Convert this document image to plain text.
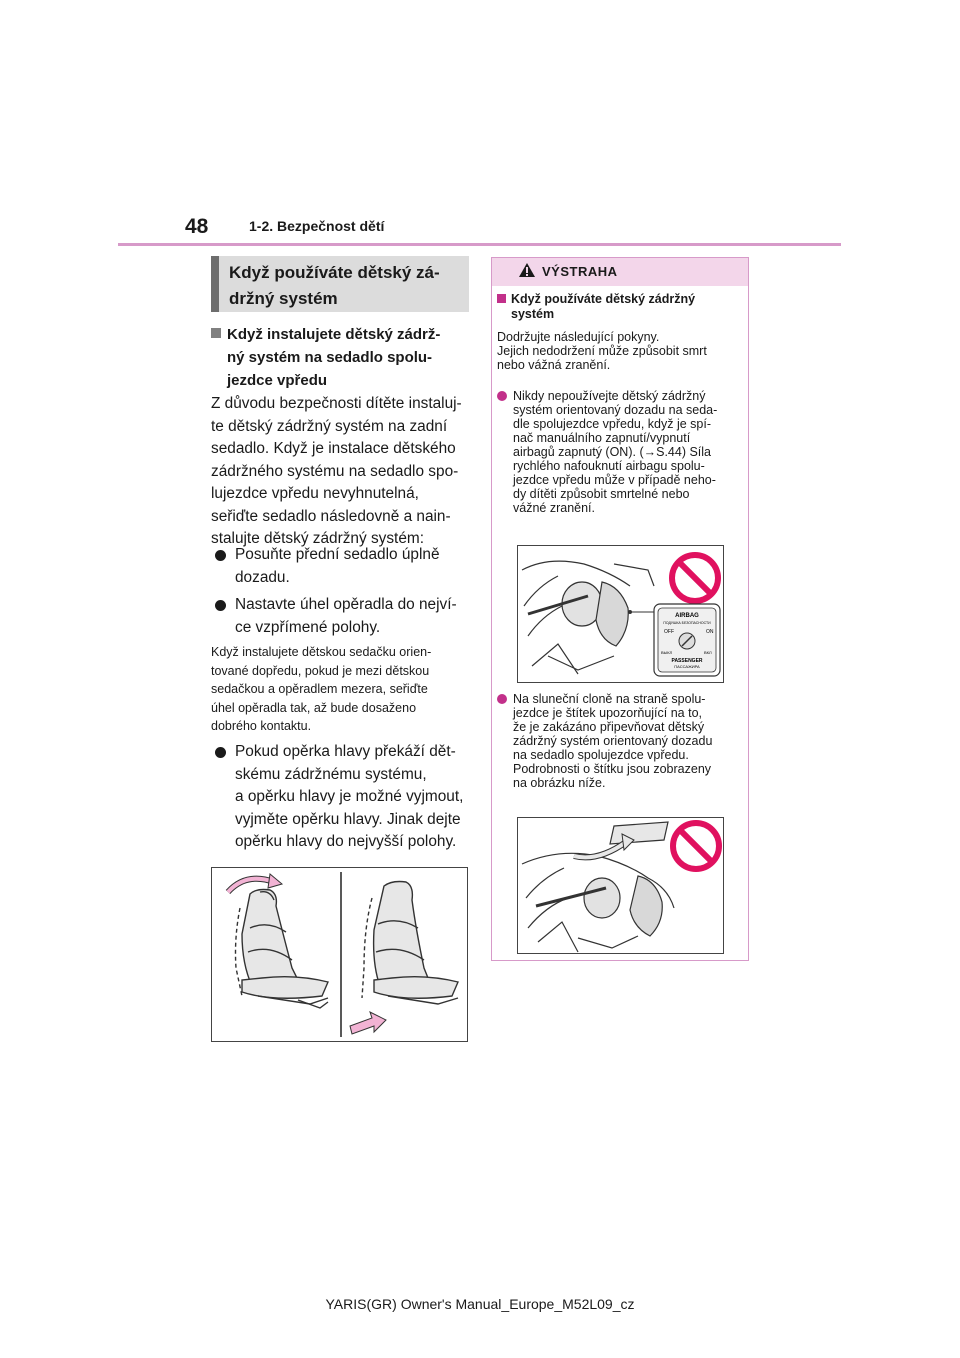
48	1-2. Bezpečnost dětí
Když používáte dětský zá-
držný systém
Když instalujete dětský zádrž-
ný systém na sedadlo spolu-
jezdce vpředu
Z důvodu bezpečnosti dítěte instaluj-
te dětský zádržný systém na zadní
sedadlo. Když je instalace dětského
zádržného systému na sedadlo spo-
lujezdce vpředu nevyhnutelná,
seřiďte sedadlo následovně a nain-
stalujte dětský zádržný systém:
Posuňte přední sedadlo úplně
dozadu.
Nastavte úhel opěradla do nejví-
ce vzpřímené polohy.
Když instalujete dětskou sedačku orien-
tované dopředu, pokud je mezi dětskou
sedačkou a opěradlem mezera, seřiďte
úhel opěradla tak, až bude dosaženo
dobrého kontaktu.
Pokud opěrka hlavy překáží dět-
skému zádržnému systému,
a opěrku hlavy je možné vyjmout,
vyjměte opěrku hlavy. Jinak dejte
opěrku hlavy do nejvyšší polohy.
VÝSTRAHA
Když používáte dětský zádržný
systém
Dodržujte následující pokyny.
Jejich nedodržení může způsobit smrt
nebo vážná zranění.
Nikdy nepoužívejte dětský zádržný
systém orientovaný dozadu na seda-
dle spolujezdce vpředu, když je spí-
nač manuálního zapnutí/vypnutí
airbagů zapnutý (ON). (→S.44) Síla
rychlého nafouknutí airbagu spolu-
jezdce vpředu může v případě neho-
dy dítěti způsobit smrtelné nebo
vážné zranění.
AIRBAG
ПОДУШКА БЕЗОПАСНОСТИ
OFF	ON
ВЫКЛ	ВКЛ
PASSENGER
ПАССАЖИРА
Na sluneční cloně na straně spolu-
jezdce je štítek upozorňující na to,
že je zakázáno připevňovat dětský
zádržný systém orientovaný dozadu
na sedadlo spolujezdce vpředu.
Podrobnosti o štítku jsou zobrazeny
na obrázku níže.
YARIS(GR) Owner's Manual_Europe_M52L09_cz
